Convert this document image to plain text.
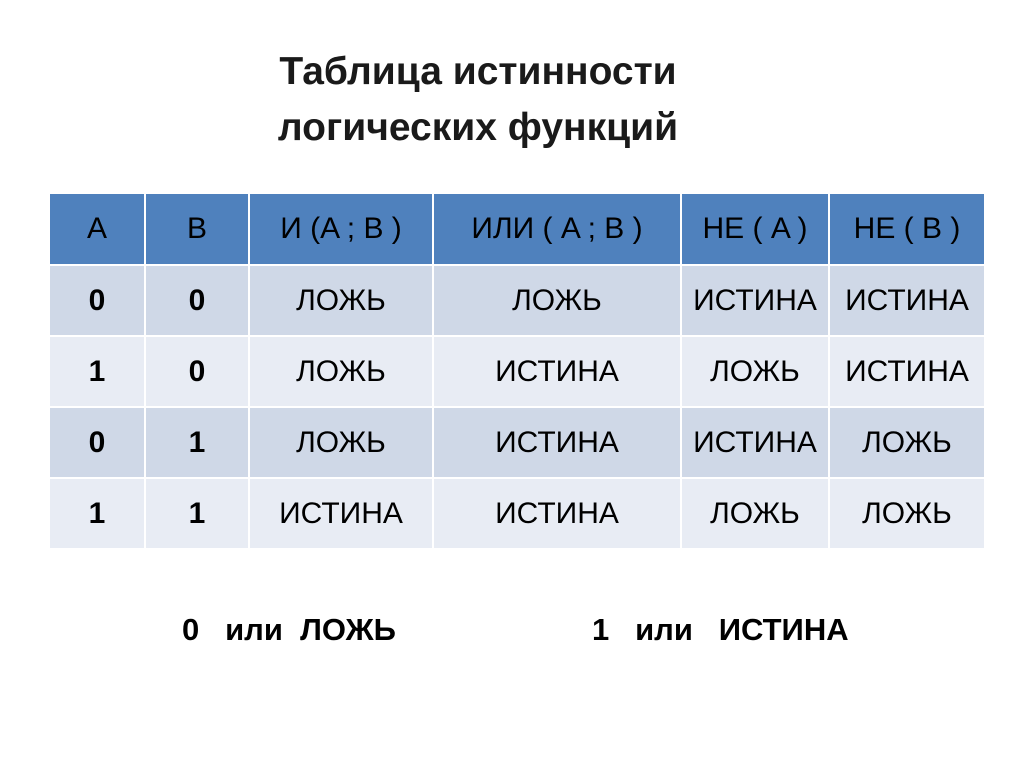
Таблица истинности
логических функций
A	B	И (A ; B )	ИЛИ ( A ; B )	НЕ ( A )	НЕ ( B )
0	0	ЛОЖЬ	ЛОЖЬ	ИСТИНА	ИСТИНА
1	0	ЛОЖЬ	ИСТИНА	ЛОЖЬ	ИСТИНА
0	1	ЛОЖЬ	ИСТИНА	ИСТИНА	ЛОЖЬ
1	1	ИСТИНА	ИСТИНА	ЛОЖЬ	ЛОЖЬ
0   или  ЛОЖЬ	1   или   ИСТИНА
